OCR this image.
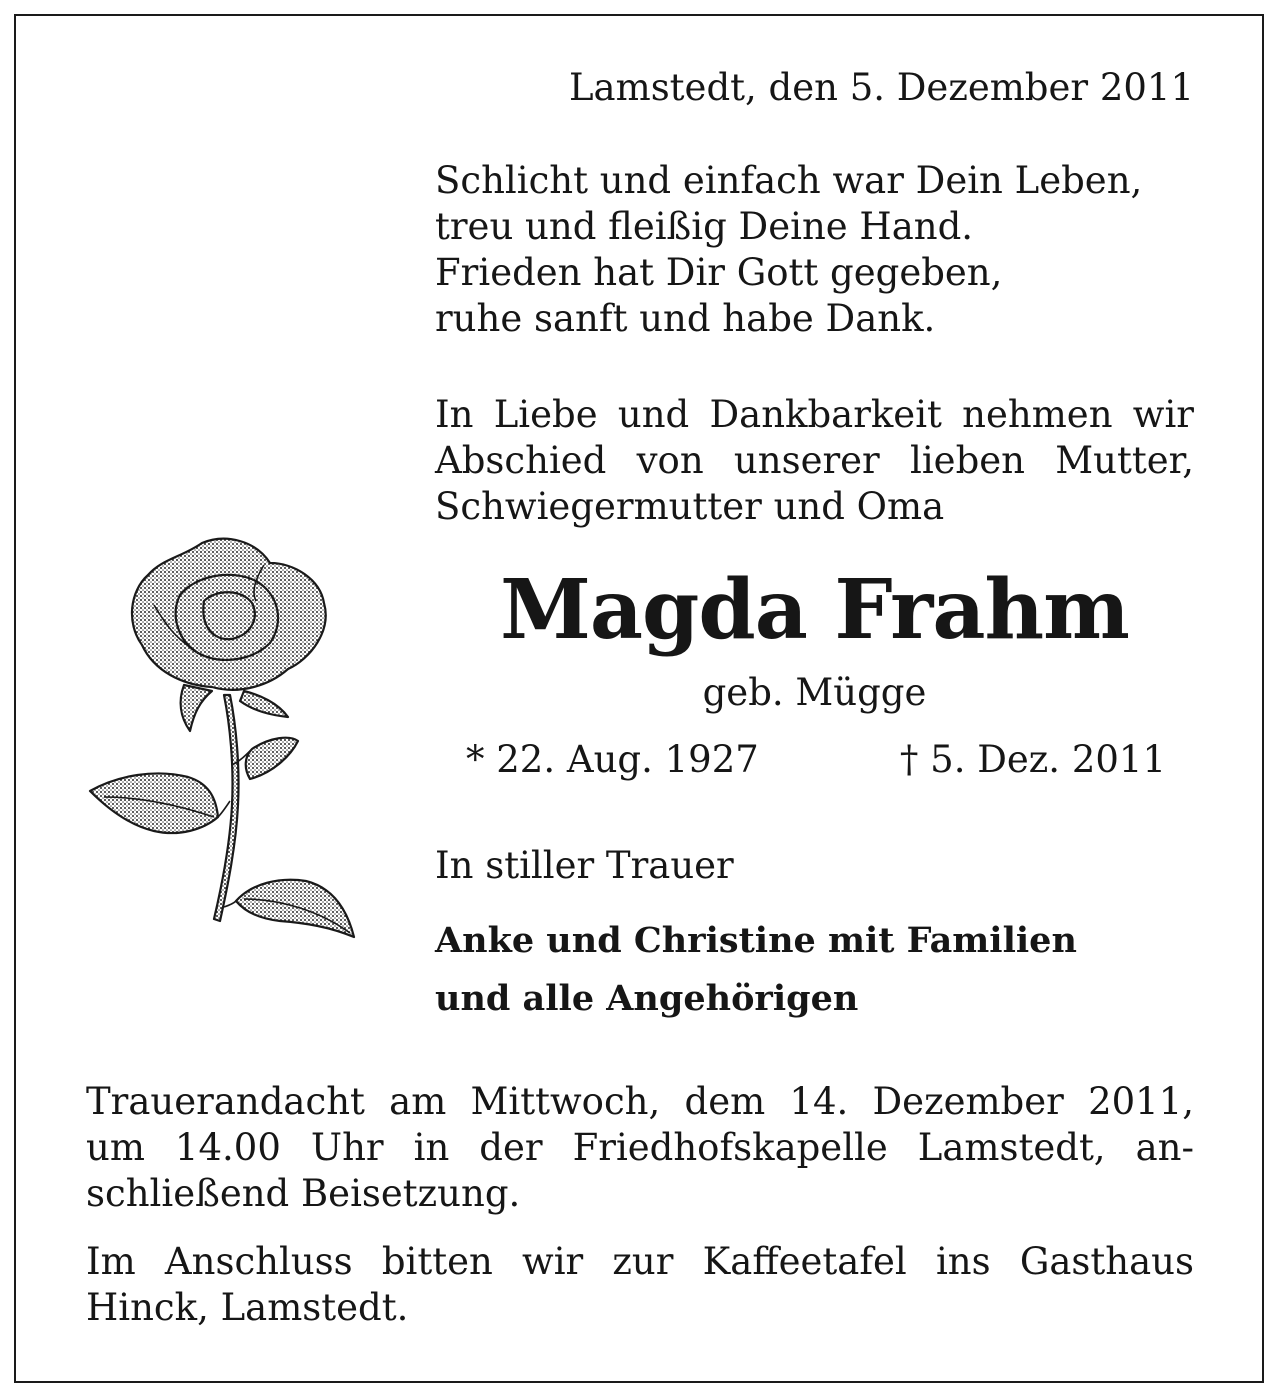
Lamstedt, den 5. Dezember 2011

Schlicht und einfach war Dein Leben,
treu und fleißig Deine Hand.
Frieden hat Dir Gott gegeben,
ruhe sanft und habe Dank.
In Liebe und Dankbarkeit nehmen wir
Abschied von unserer lieben Mutter,
Schwiegermutter und Oma
Magda Frahm

geb. Mügge

* 22. Aug. 1927	† 5. Dez. 2011

In stiller Trauer

Anke und Christine mit Familien
und alle Angehörigen
Trauerandacht am Mittwoch, dem 14. Dezember 2011,
um 14.00 Uhr in der Friedhofskapelle Lamstedt, an-
schließend Beisetzung.
Im Anschluss bitten wir zur Kaffeetafel ins Gasthaus
Hinck, Lamstedt.
